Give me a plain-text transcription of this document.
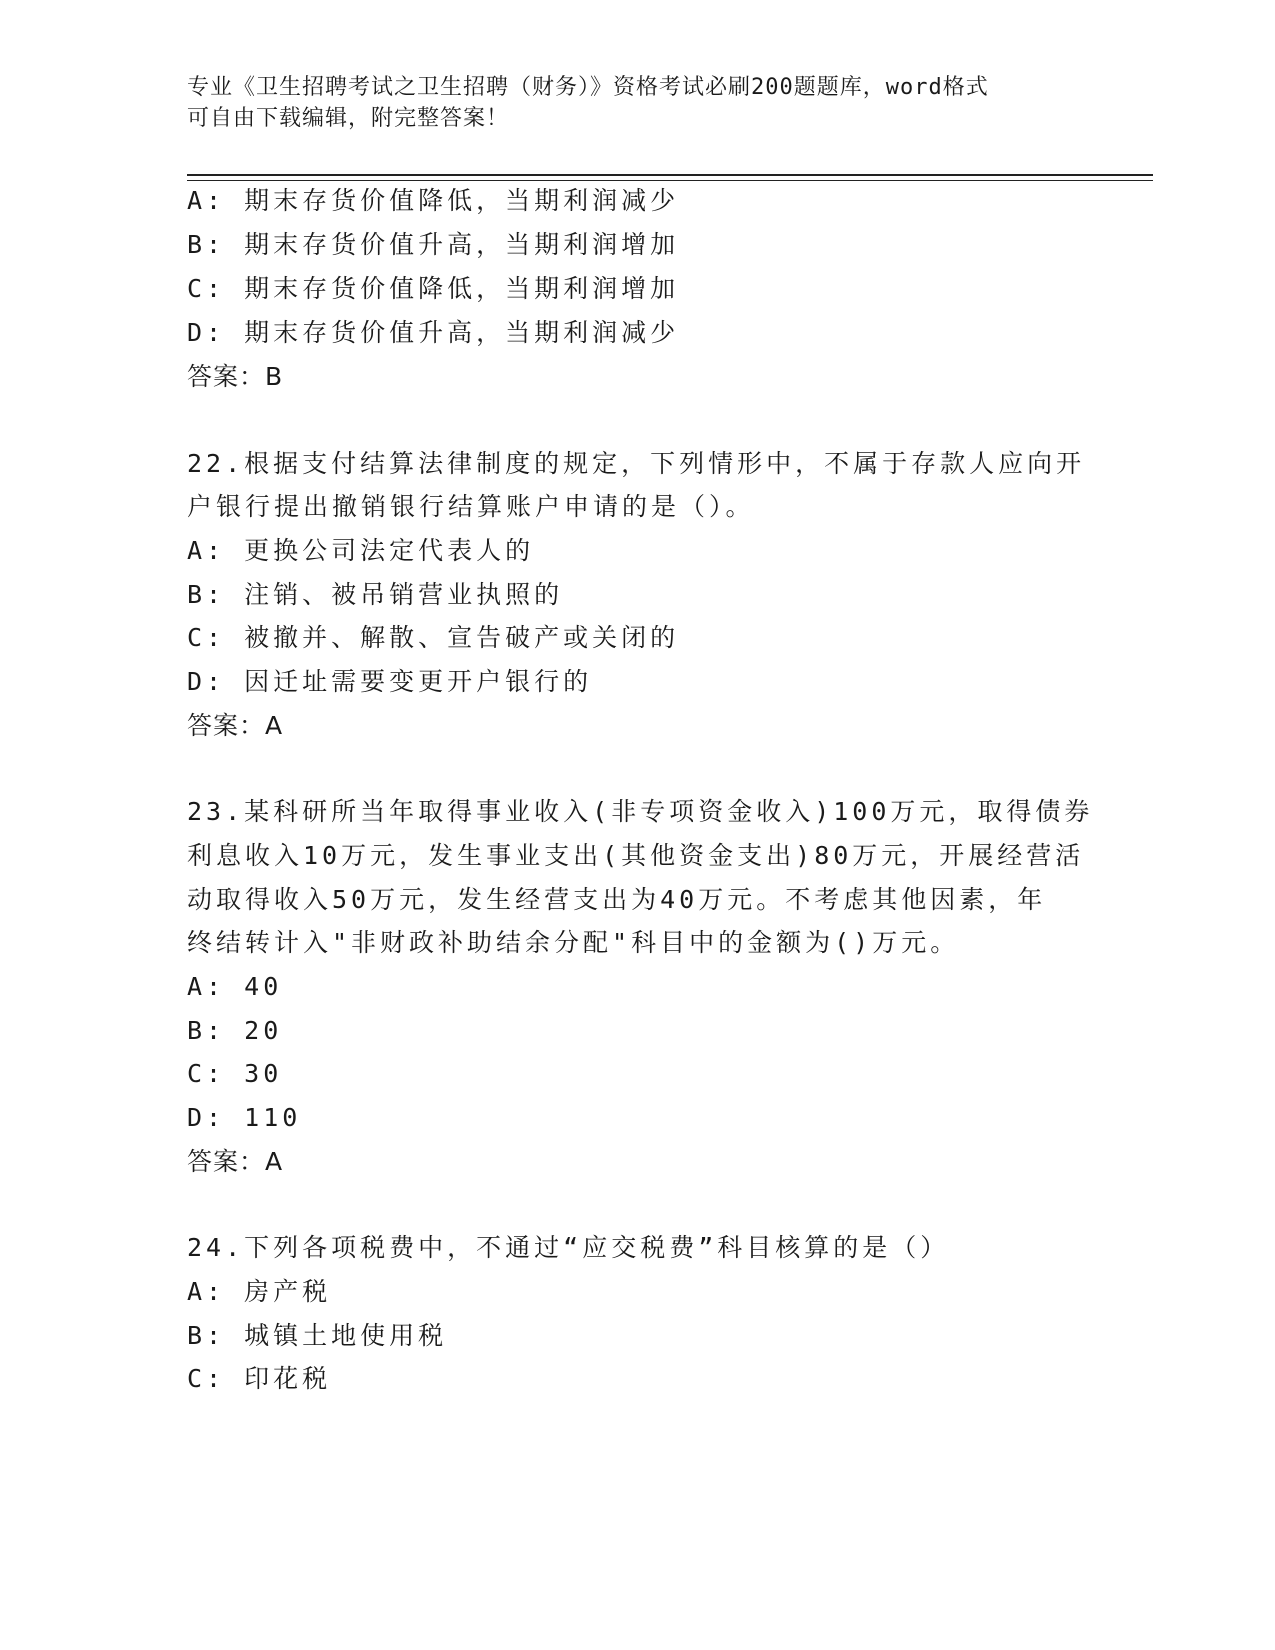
专业《卫生招聘考试之卫生招聘（财务）》资格考试必刷200题题库，word格式
可自由下载编辑，附完整答案！
A: 期末存货价值降低，当期利润减少
B: 期末存货价值升高，当期利润增加
C: 期末存货价值降低，当期利润增加
D: 期末存货价值升高，当期利润减少
答案：B
22.根据支付结算法律制度的规定，下列情形中，不属于存款人应向开
户银行提出撤销银行结算账户申请的是（）。
A: 更换公司法定代表人的
B: 注销、被吊销营业执照的
C: 被撤并、解散、宣告破产或关闭的
D: 因迁址需要变更开户银行的
答案：A
23.某科研所当年取得事业收入(非专项资金收入)100万元，取得债券
利息收入10万元，发生事业支出(其他资金支出)80万元，开展经营活
动取得收入50万元，发生经营支出为40万元。不考虑其他因素，年
终结转计入"非财政补助结余分配"科目中的金额为()万元。
A: 40
B: 20
C: 30
D: 110
答案：A
24.下列各项税费中，不通过“应交税费”科目核算的是（）
A: 房产税
B: 城镇土地使用税
C: 印花税
